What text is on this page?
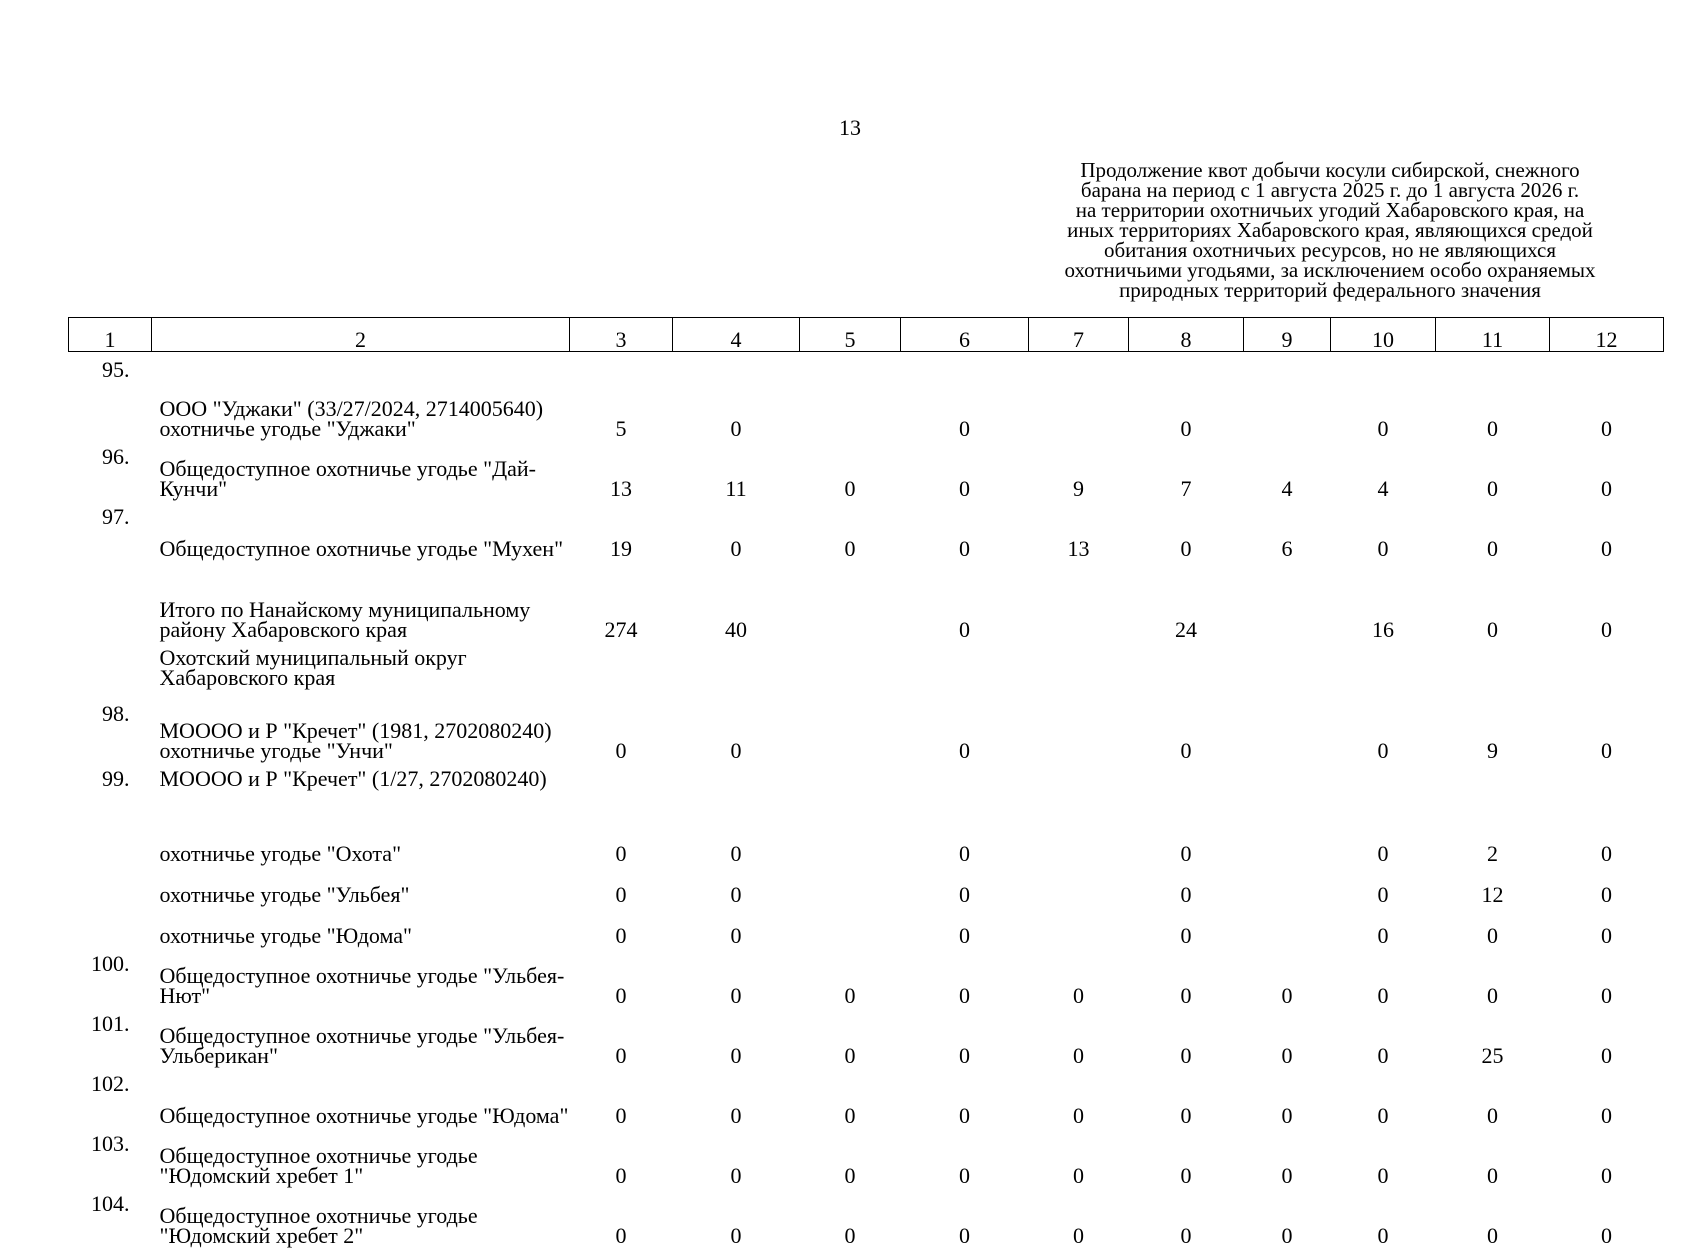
13
Продолжение квот добычи косули сибирской, снежного
барана на период с 1 августа 2025 г. до 1 августа 2026 г.
на территории охотничьих угодий Хабаровского края, на
иных территориях Хабаровского края, являющихся средой
обитания охотничьих ресурсов, но не являющихся
охотничьими угодьями, за исключением особо охраняемых
природных территорий федерального значения
1	2	3	4	5	6	7	8	9	10	11	12
95.	ООО "Уджаки" (33/27/2024, 2714005640) охотничье угодье "Уджаки"	5	0		0		0		0	0	0
96.	Общедоступное охотничье угодье "Дай-Кунчи"	13	11	0	0	9	7	4	4	0	0
97.	Общедоступное охотничье угодье "Мухен"	19	0	0	0	13	0	6	0	0	0
	Итого по Нанайскому муниципальному району Хабаровского края	274	40		0		24		16	0	0
	Охотский муниципальный округ Хабаровского края										
98.	МОООО и Р "Кречет" (1981, 2702080240) охотничье угодье "Унчи"	0	0		0		0		0	9	0
99.	МОООО и Р "Кречет" (1/27, 2702080240)										
	охотничье угодье "Охота"	0	0		0		0		0	2	0
	охотничье угодье "Ульбея"	0	0		0		0		0	12	0
	охотничье угодье "Юдома"	0	0		0		0		0	0	0
100.	Общедоступное охотничье угодье "Ульбея-Нют"	0	0	0	0	0	0	0	0	0	0
101.	Общедоступное охотничье угодье "Ульбея-Ульберикан"	0	0	0	0	0	0	0	0	25	0
102.	Общедоступное охотничье угодье "Юдома"	0	0	0	0	0	0	0	0	0	0
103.	Общедоступное охотничье угодье "Юдомский хребет 1"	0	0	0	0	0	0	0	0	0	0
104.	Общедоступное охотничье угодье "Юдомский хребет 2"	0	0	0	0	0	0	0	0	0	0
